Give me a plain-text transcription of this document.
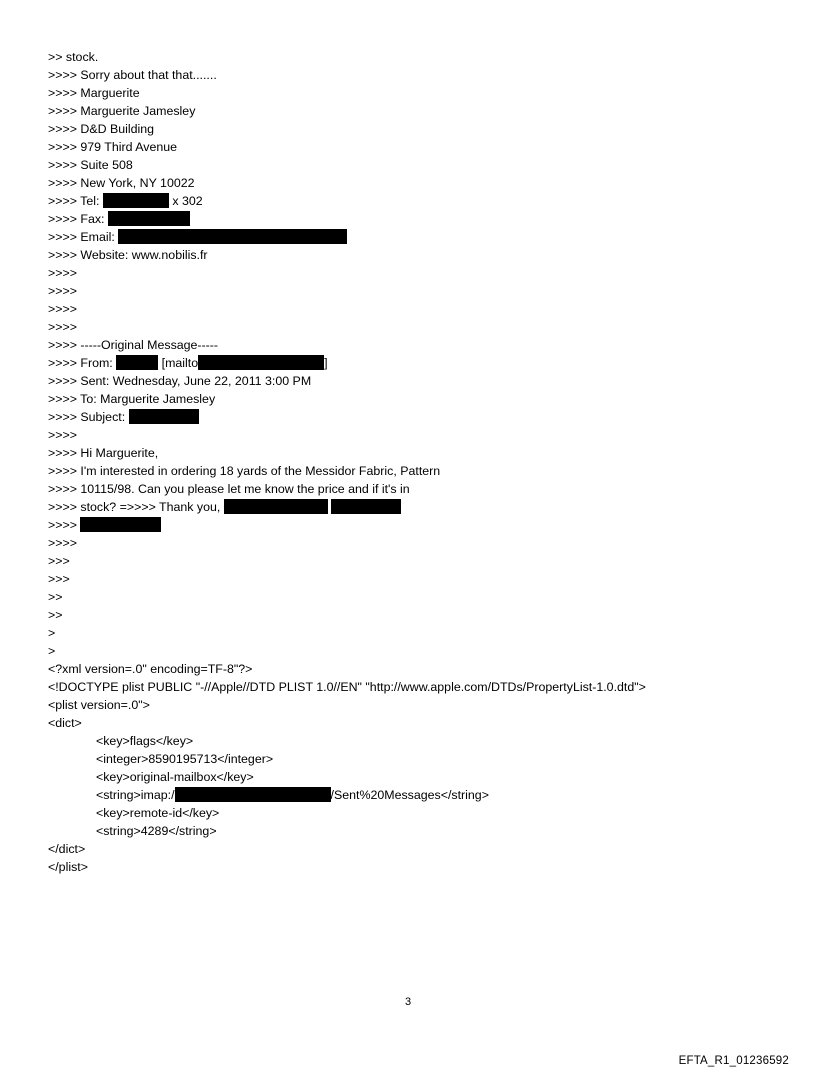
>> stock.
>>>> Sorry about that that.......
>>>> Marguerite
>>>> Marguerite Jamesley
>>>> D&D Building
>>>> 979 Third Avenue
>>>> Suite 508
>>>> New York, NY 10022
>>>> Tel:	x 302
>>>> Fax:
>>>> Email:
>>>> Website: www.nobilis.fr
>>>>
>>>>
>>>>
>>>>
>>>> -----Original Message-----
>>>> From:	[mailto	]
>>>> Sent: Wednesday, June 22, 2011 3:00 PM
>>>> To: Marguerite Jamesley
>>>> Subject:
>>>>
>>>> Hi Marguerite,
>>>> I'm interested in ordering 18 yards of the Messidor Fabric, Pattern
>>>> 10115/98. Can you please let me know the price and if it's in
>>>> stock? =>>>> Thank you,
>>>>
>>>>
>>>
>>>
>>
>>
>
>
<?xml version=.0" encoding=TF-8"?>
<!DOCTYPE plist PUBLIC "-//Apple//DTD PLIST 1.0//EN" "http://www.apple.com/DTDs/PropertyList-1.0.dtd">
<plist version=.0">
<dict>
<key>flags</key>
<integer>8590195713</integer>
<key>original-mailbox</key>
<string>imap:/	/Sent%20Messages</string>
<key>remote-id</key>
<string>4289</string>
</dict>
</plist>
3
EFTA_R1_01236592
